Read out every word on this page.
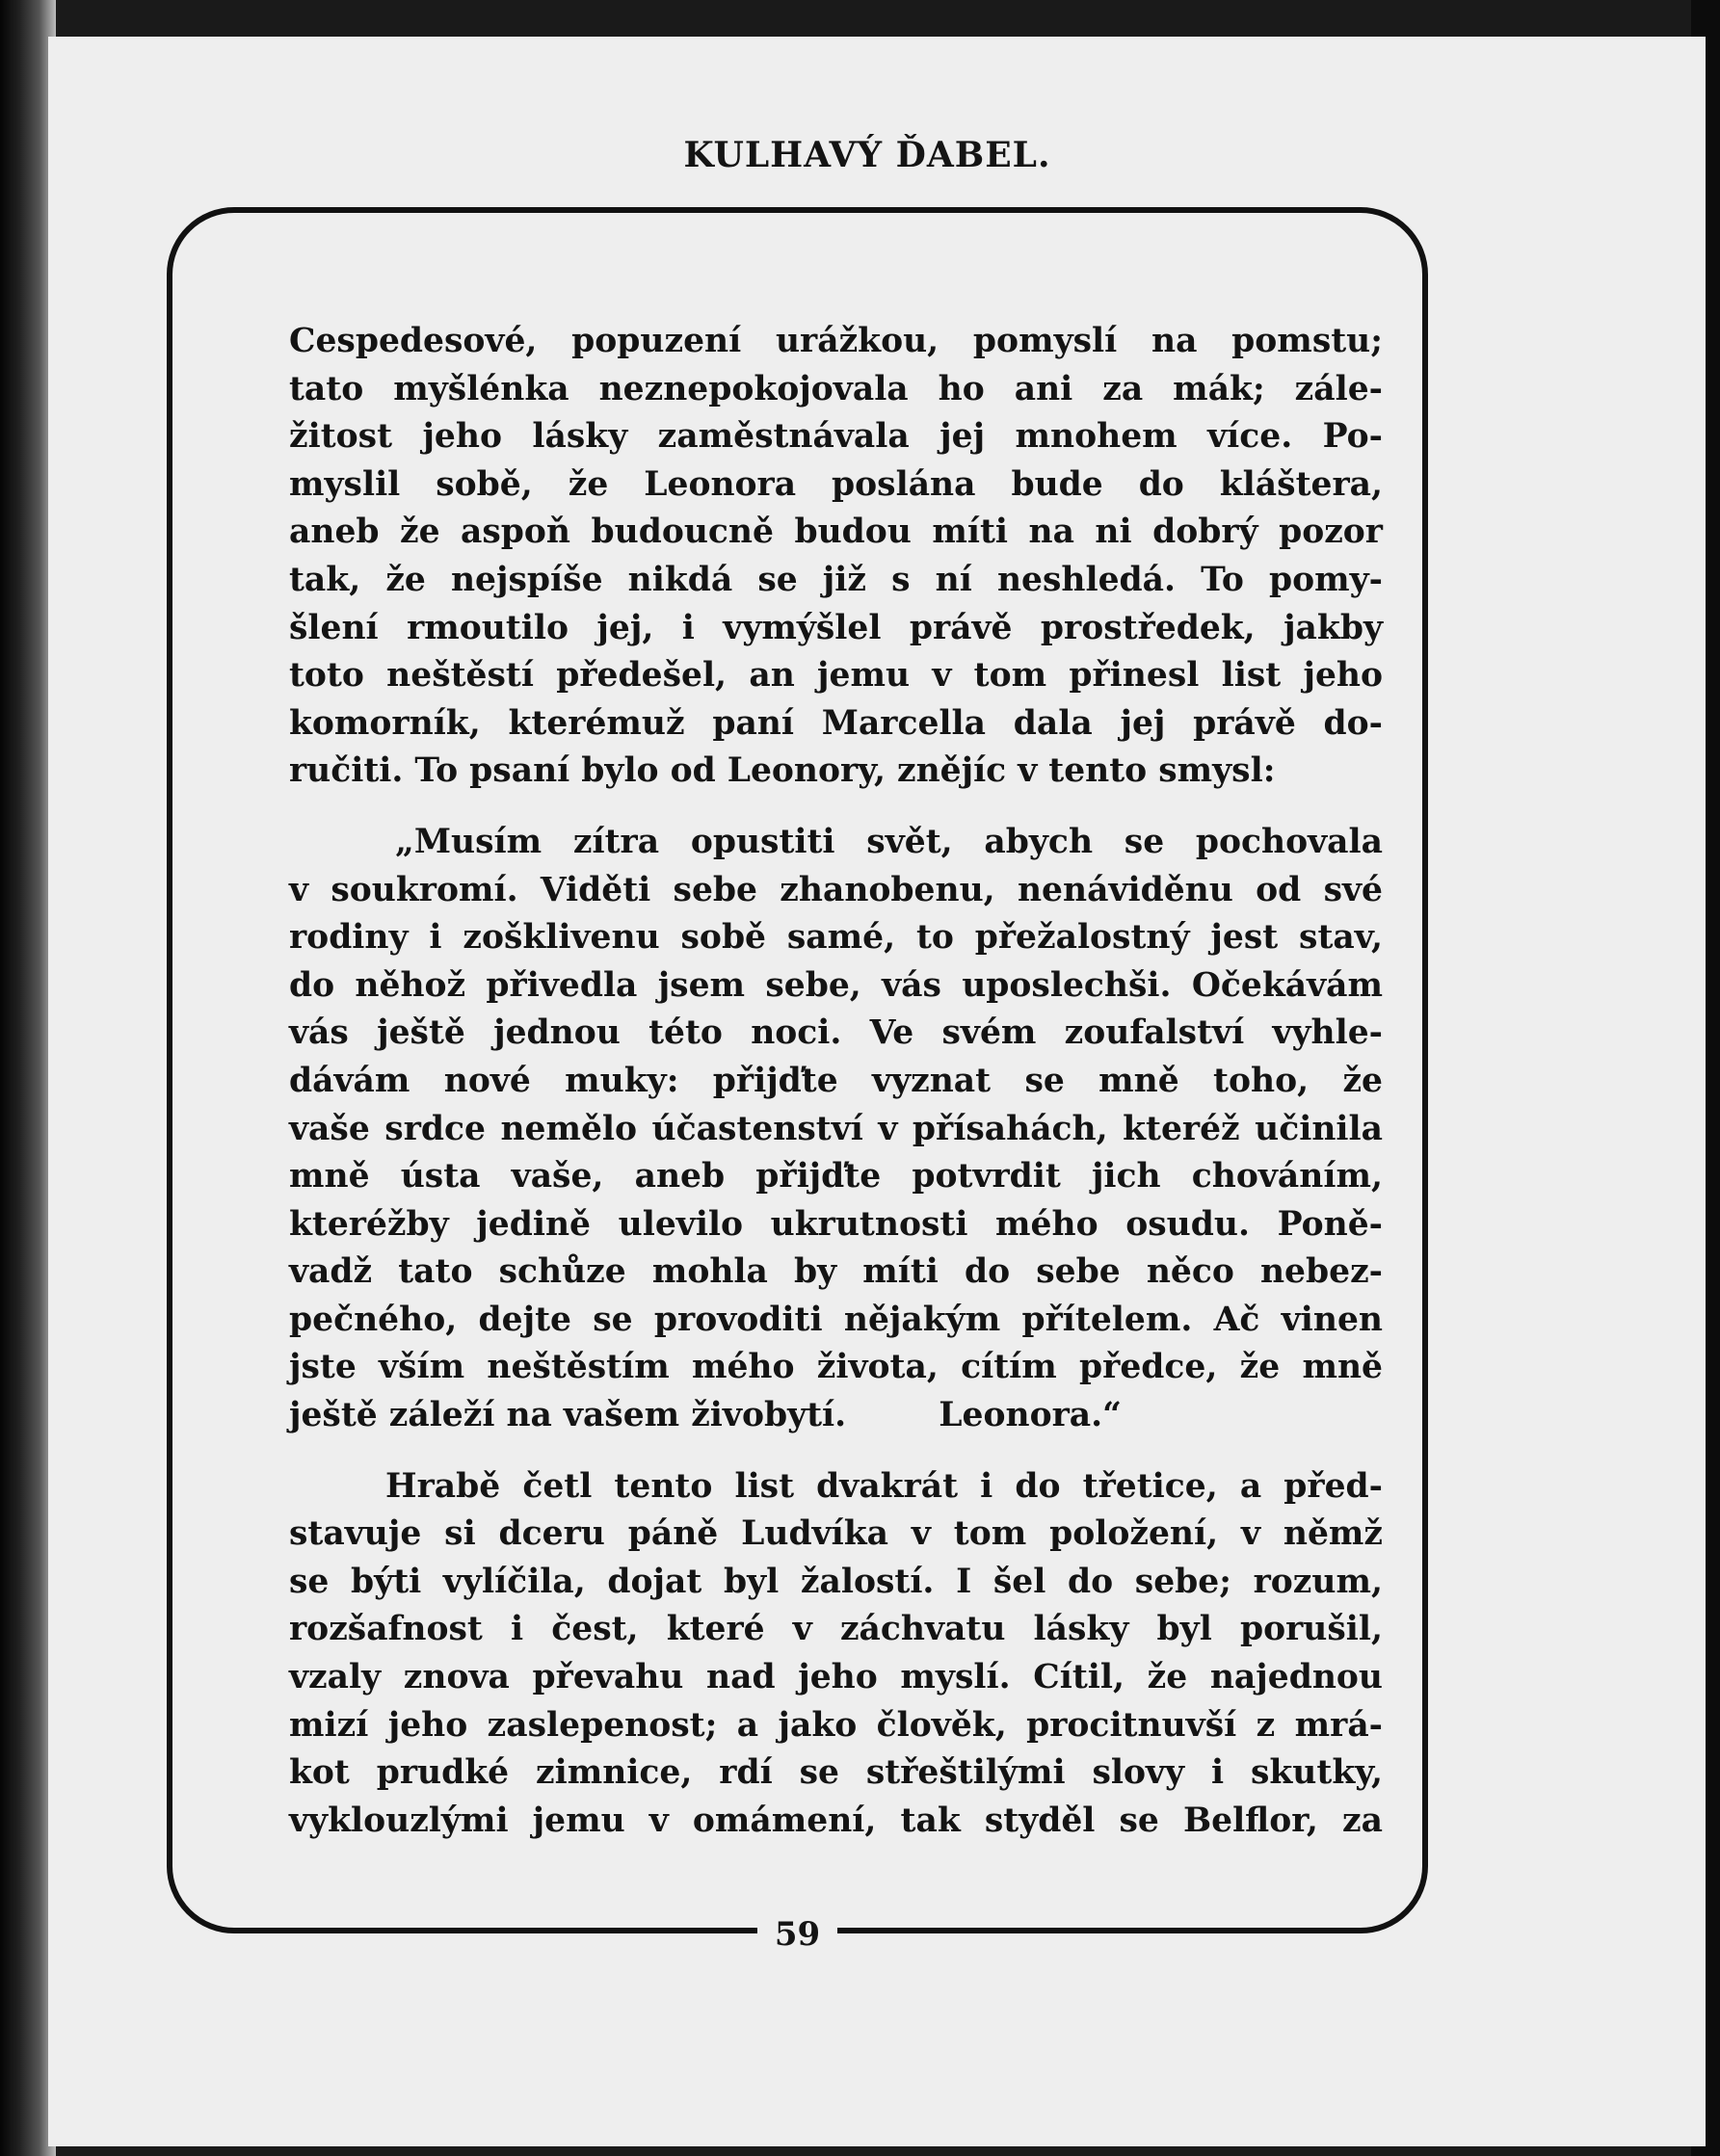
KULHAVÝ ĎABEL.
Cespedesové, popuzení urážkou, pomyslí na pomstu;
tato myšlénka neznepokojovala ho ani za mák; zále-
žitost jeho lásky zaměstnávala jej mnohem více. Po-
myslil sobě, že Leonora poslána bude do kláštera,
aneb že aspoň budoucně budou míti na ni dobrý pozor
tak, že nejspíše nikdá se již s ní neshledá. To pomy-
šlení rmoutilo jej, i vymýšlel právě prostředek, jakby
toto neštěstí předešel, an jemu v tom přinesl list jeho
komorník, kterémuž paní Marcella dala jej právě do-
ručiti. To psaní bylo od Leonory, znějíc v tento smysl:
„Musím zítra opustiti svět, abych se pochovala
v soukromí. Viděti sebe zhanobenu, nenáviděnu od své
rodiny i zošklivenu sobě samé, to přežalostný jest stav,
do něhož přivedla jsem sebe, vás uposlechši. Očekávám
vás ještě jednou této noci. Ve svém zoufalství vyhle-
dávám nové muky: přijďte vyznat se mně toho, že
vaše srdce nemělo účastenství v přísahách, kteréž učinila
mně ústa vaše, aneb přijďte potvrdit jich chováním,
kteréžby jedině ulevilo ukrutnosti mého osudu. Poně-
vadž tato schůze mohla by míti do sebe něco nebez-
pečného, dejte se provoditi nějakým přítelem. Ač vinen
jste vším neštěstím mého života, cítím předce, že mně
ještě záleží na vašem živobytí.        Leonora.“
Hrabě četl tento list dvakrát i do třetice, a před-
stavuje si dceru páně Ludvíka v tom položení, v němž
se býti vylíčila, dojat byl žalostí. I šel do sebe; rozum,
rozšafnost i čest, které v záchvatu lásky byl porušil,
vzaly znova převahu nad jeho myslí. Cítil, že najednou
mizí jeho zaslepenost; a jako člověk, procitnuvší z mrá-
kot prudké zimnice, rdí se střeštilými slovy i skutky,
vyklouzlými jemu v omámení, tak styděl se Belflor, za
59
